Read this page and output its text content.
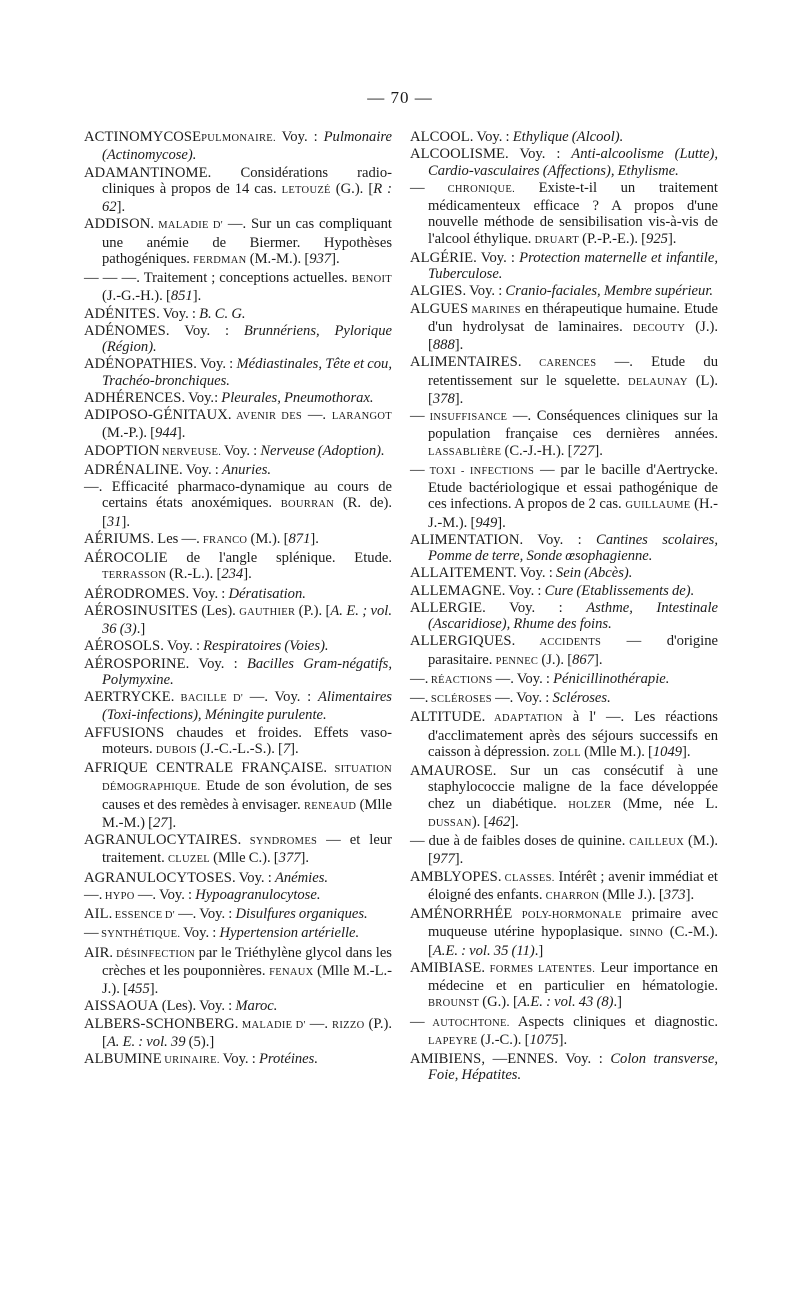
— 70 —

ACTINOMYCOSEPULMONAIRE. Voy. : Pulmonaire (Actinomycose).

ADAMANTINOME. Considérations radio-cliniques à propos de 14 cas. LETOUZÉ (G.). [R : 62].

ADDISON. MALADIE D' —. Sur un cas compliquant une anémie de Biermer. Hypothèses pathogéniques. FERDMAN (M.-M.). [937].

— — —. Traitement ; conceptions actuelles. BENOIT (J.-G.-H.). [851].

ADÉNITES. Voy. : B. C. G.

ADÉNOMES. Voy. : Brunnériens, Pylorique (Région).

ADÉNOPATHIES. Voy. : Médiastinales, Tête et cou, Trachéo-bronchiques.

ADHÉRENCES. Voy.: Pleurales, Pneumothorax.

ADIPOSO-GÉNITAUX. AVENIR DES —. LARANGOT (M.-P.). [944].

ADOPTION NERVEUSE. Voy. : Nerveuse (Adoption).

ADRÉNALINE. Voy. : Anuries.

—. Efficacité pharmaco-dynamique au cours de certains états anoxémiques. BOURRAN (R. de). [31].

AÉRIUMS. Les —. FRANCO (M.). [871].

AÉROCOLIE de l'angle splénique. Etude. TERRASSON (R.-L.). [234].

AÉRODROMES. Voy. : Dératisation.

AÉROSINUSITES (Les). GAUTHIER (P.). [A. E. ; vol. 36 (3).]

AÉROSOLS. Voy. : Respiratoires (Voies).

AÉROSPORINE. Voy. : Bacilles Gram-négatifs, Polymyxine.

AERTRYCKE. BACILLE D' —. Voy. : Alimentaires (Toxi-infections), Méningite purulente.

AFFUSIONS chaudes et froides. Effets vaso-moteurs. DUBOIS (J.-C.-L.-S.). [7].

AFRIQUE CENTRALE FRANÇAISE. SITUATION DÉMOGRAPHIQUE. Etude de son évolution, de ses causes et des remèdes à envisager. RENEAUD (Mlle M.-M.) [27].

AGRANULOCYTAIRES. SYNDROMES — et leur traitement. CLUZEL (Mlle C.). [377].

AGRANULOCYTOSES. Voy. : Anémies.

—. HYPO —. Voy. : Hypoagranulocytose.

AIL. ESSENCE D' —. Voy. : Disulfures organiques.

— SYNTHÉTIQUE. Voy. : Hypertension artérielle.

AIR. DÉSINFECTION par le Triéthylène glycol dans les crèches et les pouponnières. FENAUX (Mlle M.-L.-J.). [455].

AISSAOUA (Les). Voy. : Maroc.

ALBERS-SCHONBERG. MALADIE D' —. RIZZO (P.). [A. E. : vol. 39 (5).]

ALBUMINE URINAIRE. Voy. : Protéines.

ALCOOL. Voy. : Ethylique (Alcool).

ALCOOLISME. Voy. : Anti-alcoolisme (Lutte), Cardio-vasculaires (Affections), Ethylisme.

— CHRONIQUE. Existe-t-il un traitement médicamenteux efficace ? A propos d'une nouvelle méthode de sensibilisation vis-à-vis de l'alcool éthylique. DRUART (P.-P.-E.). [925].

ALGÉRIE. Voy. : Protection maternelle et infantile, Tuberculose.

ALGIES. Voy. : Cranio-faciales, Membre supérieur.

ALGUES MARINES en thérapeutique humaine. Etude d'un hydrolysat de laminaires. DECOUTY (J.). [888].

ALIMENTAIRES. CARENCES —. Etude du retentissement sur le squelette. DELAUNAY (L). [378].

— INSUFFISANCE —. Conséquences cliniques sur la population française ces dernières années. LASSABLIÈRE (C.-J.-H.). [727].

— TOXI - INFECTIONS — par le bacille d'Aertrycke. Etude bactériologique et essai pathogénique de ces infections. A propos de 2 cas. GUILLAUME (H.-J.-M.). [949].

ALIMENTATION. Voy. : Cantines scolaires, Pomme de terre, Sonde œsophagienne.

ALLAITEMENT. Voy. : Sein (Abcès).

ALLEMAGNE. Voy. : Cure (Etablissements de).

ALLERGIE. Voy. : Asthme, Intestinale (Ascaridiose), Rhume des foins.

ALLERGIQUES. ACCIDENTS — d'origine parasitaire. PENNEC (J.). [867].

—. RÉACTIONS —. Voy. : Pénicillinothérapie.

—. SCLÉROSES —. Voy. : Scléroses.

ALTITUDE. ADAPTATION à l' —. Les réactions d'acclimatement après des séjours successifs en caisson à dépression. ZOLL (Mlle M.). [1049].

AMAUROSE. Sur un cas consécutif à une staphylococcie maligne de la face développée chez un diabétique. HOLZER (Mme, née L. DUSSAN). [462].

— due à de faibles doses de quinine. CAILLEUX (M.). [977].

AMBLYOPES. CLASSES. Intérêt ; avenir immédiat et éloigné des enfants. CHARRON (Mlle J.). [373].

AMÉNORRHÉE POLY-HORMONALE primaire avec muqueuse utérine hypoplasique. SINNO (C.-M.). [A.E. : vol. 35 (11).]

AMIBIASE. FORMES LATENTES. Leur importance en médecine et en particulier en hématologie. BROUNST (G.). [A.E. : vol. 43 (8).]

— AUTOCHTONE. Aspects cliniques et diagnostic. LAPEYRE (J.-C.). [1075].

AMIBIENS, —ENNES. Voy. : Colon transverse, Foie, Hépatites.
